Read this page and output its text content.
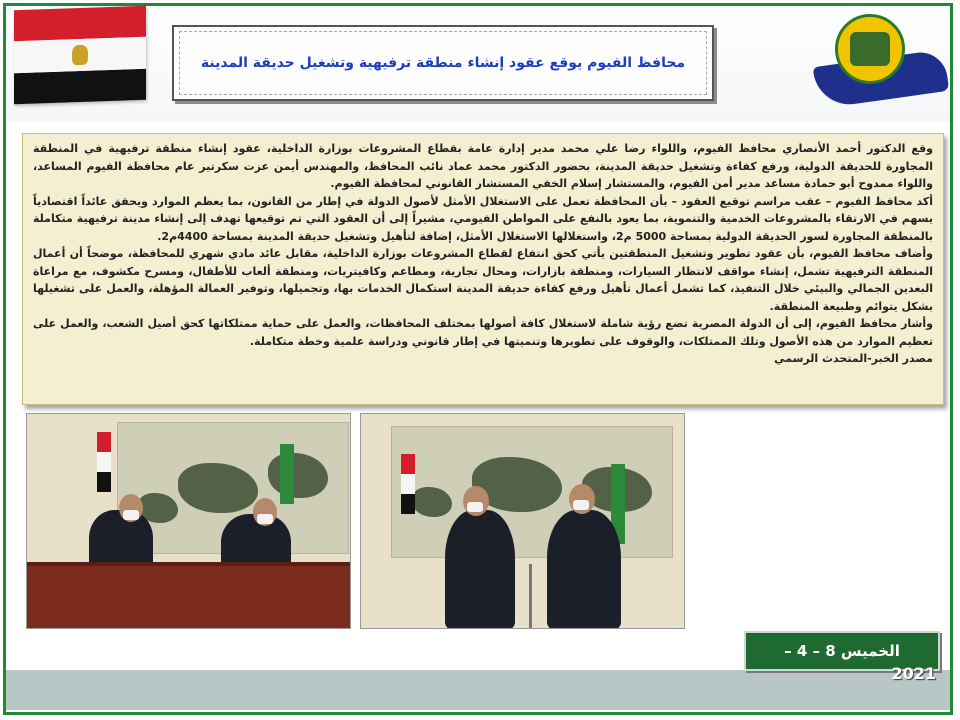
محافظ الفيوم يوقع عقود إنشاء منطقة ترفيهية وتشغيل حديقة المدينة

وقع الدكتور أحمد الأنصاري محافظ الفيوم، واللواء رضا علي محمد مدير إدارة عامة بقطاع المشروعات بوزارة الداخلية، عقود إنشاء منطقة ترفيهية في المنطقة المجاورة للحديقة الدولية، ورفع كفاءة وتشغيل حديقة المدينة، بحضور الدكتور محمد عماد نائب المحافظ، والمهندس أيمن عزت سكرتير عام محافظة الفيوم المساعد، واللواء ممدوح أبو حمادة مساعد مدير أمن الفيوم، والمستشار إسلام الخفي المستشار القانوني لمحافظة الفيوم.

أكد محافظ الفيوم – عقب مراسم توقيع العقود – بأن المحافظة تعمل على الاستغلال الأمثل لأصول الدولة في إطار من القانون، بما يعظم الموارد ويحقق عائداً اقتصادياً يسهم في الارتقاء بالمشروعات الخدمية والتنموية، بما يعود بالنفع على المواطن الفيومي، مشيراً إلى أن العقود التي تم توقيعها تهدف إلى إنشاء مدينة ترفيهية متكاملة بالمنطقة المجاورة لسور الحديقة الدولية بمساحة 5000 م2، واستغلالها الاستغلال الأمثل، إضافة لتأهيل وتشغيل حديقة المدينة بمساحة 4400م2.

وأضاف محافظ الفيوم، بأن عقود تطوير وتشغيل المنطقتين يأتي كحق انتفاع لقطاع المشروعات بوزارة الداخلية، مقابل عائد مادي شهري للمحافظة، موضحاً أن أعمال المنطقة الترفيهية تشمل، إنشاء مواقف لانتظار السيارات، ومنطقة بازارات، ومحال تجارية، ومطاعم وكافيتريات، ومنطقة ألعاب للأطفال، ومسرح مكشوف، مع مراعاة البعدين الجمالي والبيئي خلال التنفيذ، كما تشمل أعمال تأهيل ورفع كفاءة حديقة المدينة استكمال الخدمات بها، وتجميلها، وتوفير العمالة المؤهلة، والعمل على تشغيلها بشكل يتوائم وطبيعة المنطقة.

وأشار محافظ الفيوم، إلى أن الدولة المصرية تضع رؤية شاملة لاستغلال كافة أصولها بمختلف المحافظات، والعمل على حماية ممتلكاتها كحق أصيل الشعب، والعمل على تعظيم الموارد من هذه الأصول وتلك الممتلكات، والوقوف على تطويرها وتنميتها في إطار قانوني ودراسة علمية وخطة متكاملة.

مصدر الخبر-المتحدث الرسمي

الخميس 8 – 4 –
2021
